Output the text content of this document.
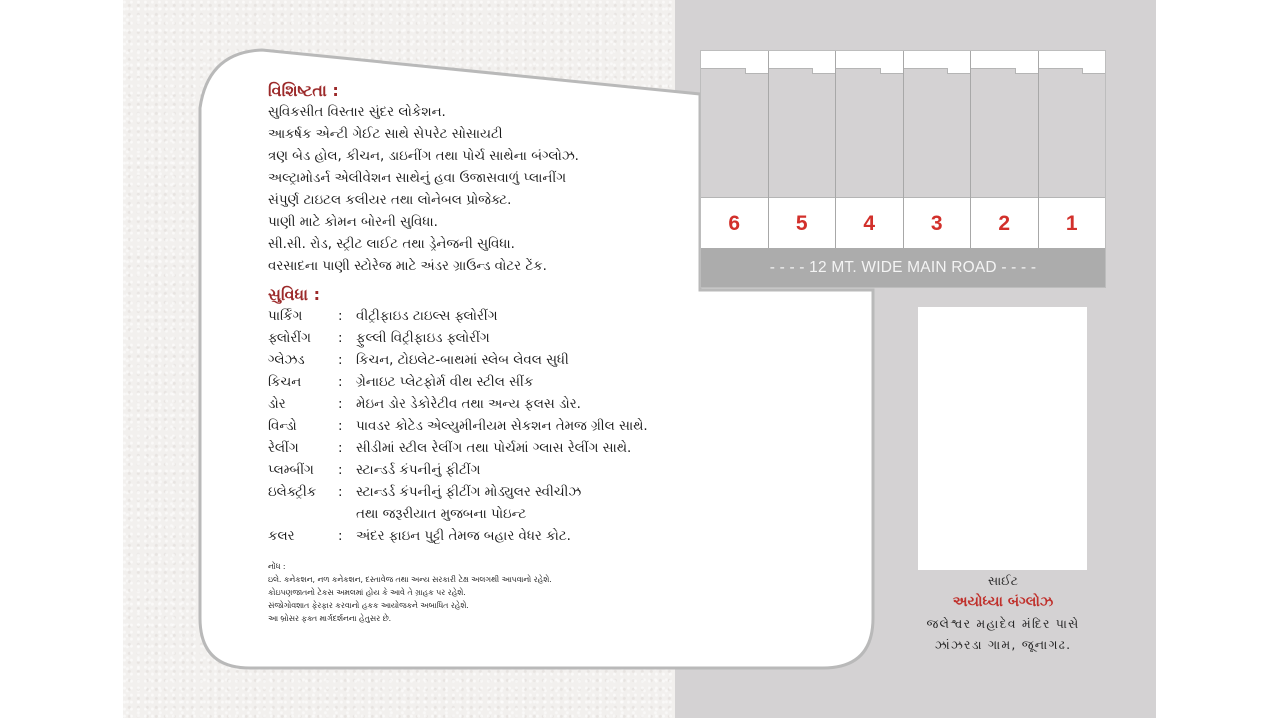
વિશિષ્ટતા :
સુવિકસીત વિસ્તાર સુંદર લોકેશન.
આકર્ષક એન્ટી ગેઈટ સાથે સેપરેટ સોસાયટી
ત્રણ બેડ હોલ, કીચન, ડાઇનીંગ તથા પોર્ચ સાથેના બંગ્લોઝ.
અલ્ટ્રામોડર્ન એલીવેશન સાથેનું હવા ઉજાસવાળું પ્લાનીંગ
સંપુર્ણ ટાઇટલ કલીયર તથા લોનેબલ પ્રોજેક્ટ.
પાણી માટે કોમન બોરની સુવિધા.
સી.સી. રોડ, સ્ટ્રીટ લાઈટ તથા ડ્રેનેજની સુવિધા.
વરસાદના પાણી સ્ટોરેજ માટે અંડર ગ્રાઉન્ડ વોટર ટેંક.
સુવિધા :
પાર્કિંગ	:	વીટ્રીફાઇડ ટાઇલ્સ ફ્લોરીંગ
ફ્લોરીંગ	:	ફુલ્લી વિટ્રીફાઇડ ફ્લોરીંગ
ગ્લેઝડ	:	કિચન, ટોઇલેટ-બાથમાં સ્લેબ લેવલ સુધી
કિચન	:	ગ્રેનાઇટ પ્લેટફોર્મ વીથ સ્ટીલ સીંક
ડોર	:	મેઇન ડોર ડેકોરેટીવ તથા અન્ય ફલસ ડોર.
વિન્ડો	:	પાવડર કોટેડ એલ્યુમીનીયમ સેકશન તેમજ ગ્રીલ સાથે.
રેલીંગ	:	સીડીમાં સ્ટીલ રેલીંગ તથા પોર્ચમાં ગ્લાસ રેલીંગ સાથે.
પ્લમ્બીંગ	:	સ્ટાન્ડર્ડ કંપનીનું ફીટીંગ
ઇલેક્ટ્રીક	:	સ્ટાન્ડર્ડ કંપનીનું ફીટીંગ મોડ્યુલર સ્વીચીઝ
તથા જરૂરીયાત મુજબના પોઇન્ટ
કલર	:	અંદર ફાઇન પુટ્ટી તેમજ બહાર વેધર કોટ.
નોંધ :
ઇલે. કનેકશન, નળ કનેકશન, દસ્તાવેજ તથા અન્ય સરકારી ટેક્ષ અલગથી આપવાનો રહેશે.
કોઇપણજાતનો ટેકસ અમલમાં હોય કે આવે તે ગ્રાહક પર રહેશે.
સંજોગોવશાત ફેરફાર કરવાનો હકક આયોજકને અબાધિત રહેશે.
આ બ્રોસર ફક્ત માર્ગદર્શનના હેતુસર છે.
6	5	4	3	2	1
- - - - 12 MT. WIDE MAIN ROAD - - - -
સાઈટ
અયોધ્યા બંગ્લોઝ
જલેશ્વર મહાદેવ મંદિર પાસે
ઝાંઝરડા ગામ, જૂનાગઢ.
